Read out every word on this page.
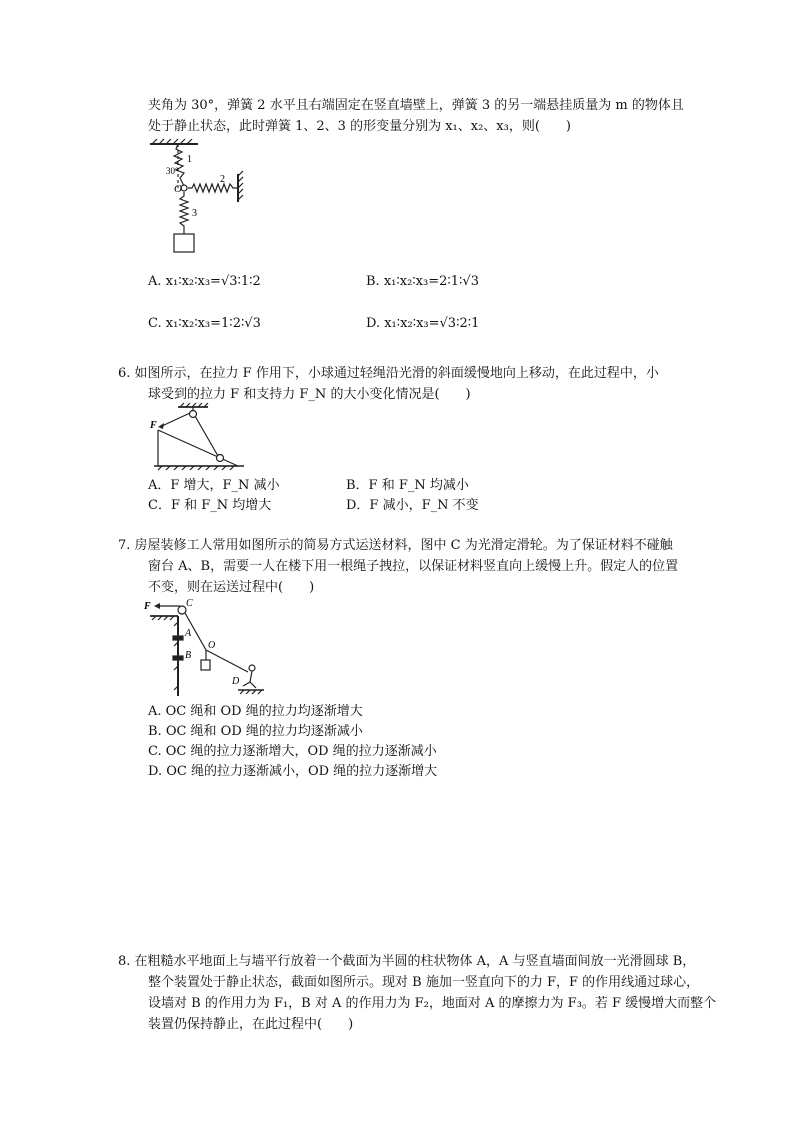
夹角为 30°，弹簧 2 水平且右端固定在竖直墙壁上，弹簧 3 的另一端悬挂质量为 m 的物体且
处于静止状态，此时弹簧 1、2、3 的形变量分别为 x₁、x₂、x₃，则(　　)
1
30°
2
O
3
A. x₁∶x₂∶x₃=√3∶1∶2	B. x₁∶x₂∶x₃=2∶1∶√3
C. x₁∶x₂∶x₃=1∶2∶√3	D. x₁∶x₂∶x₃=√3∶2∶1
6. 如图所示，在拉力 F 作用下，小球通过轻绳沿光滑的斜面缓慢地向上移动，在此过程中，小
球受到的拉力 F 和支持力 F_N 的大小变化情况是(　　)
F
A．F 增大，F_N 减小	B．F 和 F_N 均减小
C．F 和 F_N 均增大	D．F 减小，F_N 不变
7. 房屋装修工人常用如图所示的简易方式运送材料，图中 C 为光滑定滑轮。为了保证材料不碰触
窗台 A、B，需要一人在楼下用一根绳子拽拉，以保证材料竖直向上缓慢上升。假定人的位置
不变，则在运送过程中(　　)
F	C
A
B
O
D
A. OC 绳和 OD 绳的拉力均逐渐增大
B. OC 绳和 OD 绳的拉力均逐渐减小
C. OC 绳的拉力逐渐增大，OD 绳的拉力逐渐减小
D. OC 绳的拉力逐渐减小，OD 绳的拉力逐渐增大
8. 在粗糙水平地面上与墙平行放着一个截面为半圆的柱状物体 A，A 与竖直墙面间放一光滑圆球 B，
整个装置处于静止状态，截面如图所示。现对 B 施加一竖直向下的力 F，F 的作用线通过球心，
设墙对 B 的作用力为 F₁，B 对 A 的作用力为 F₂，地面对 A 的摩擦力为 F₃。若 F 缓慢增大而整个
装置仍保持静止，在此过程中(　　)
